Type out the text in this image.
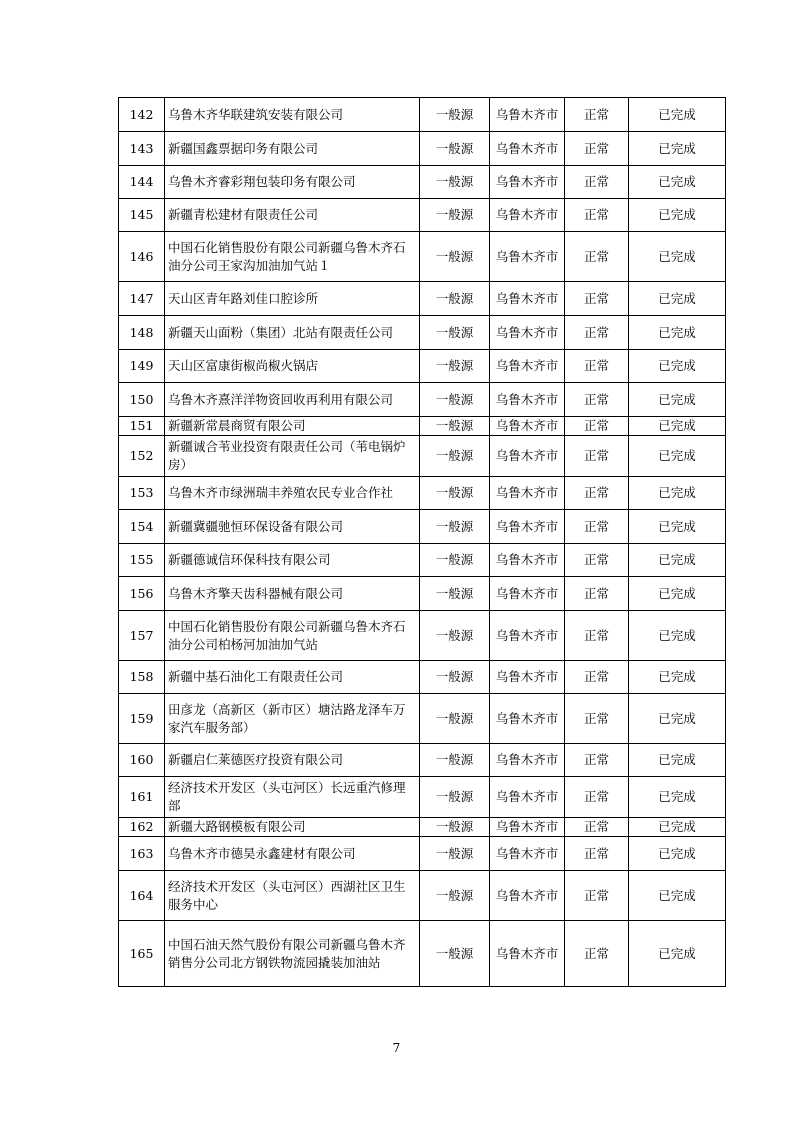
142	乌鲁木齐华联建筑安装有限公司	一般源	乌鲁木齐市	正常	已完成
143	新疆国鑫票据印务有限公司	一般源	乌鲁木齐市	正常	已完成
144	乌鲁木齐睿彩翔包装印务有限公司	一般源	乌鲁木齐市	正常	已完成
145	新疆青松建材有限责任公司	一般源	乌鲁木齐市	正常	已完成
146	中国石化销售股份有限公司新疆乌鲁木齐石油分公司王家沟加油加气站１	一般源	乌鲁木齐市	正常	已完成
147	天山区青年路刘佳口腔诊所	一般源	乌鲁木齐市	正常	已完成
148	新疆天山面粉（集团）北站有限责任公司	一般源	乌鲁木齐市	正常	已完成
149	天山区富康街椒尚椒火锅店	一般源	乌鲁木齐市	正常	已完成
150	乌鲁木齐熹洋洋物资回收再利用有限公司	一般源	乌鲁木齐市	正常	已完成
151	新疆新常晨商贸有限公司	一般源	乌鲁木齐市	正常	已完成
152	新疆诚合苇业投资有限责任公司（苇电锅炉房）	一般源	乌鲁木齐市	正常	已完成
153	乌鲁木齐市绿洲瑞丰养殖农民专业合作社	一般源	乌鲁木齐市	正常	已完成
154	新疆冀疆驰恒环保设备有限公司	一般源	乌鲁木齐市	正常	已完成
155	新疆德诚信环保科技有限公司	一般源	乌鲁木齐市	正常	已完成
156	乌鲁木齐擎天齿科器械有限公司	一般源	乌鲁木齐市	正常	已完成
157	中国石化销售股份有限公司新疆乌鲁木齐石油分公司柏杨河加油加气站	一般源	乌鲁木齐市	正常	已完成
158	新疆中基石油化工有限责任公司	一般源	乌鲁木齐市	正常	已完成
159	田彦龙（高新区（新市区）塘沽路龙泽车万家汽车服务部）	一般源	乌鲁木齐市	正常	已完成
160	新疆启仁莱德医疗投资有限公司	一般源	乌鲁木齐市	正常	已完成
161	经济技术开发区（头屯河区）长远重汽修理部	一般源	乌鲁木齐市	正常	已完成
162	新疆大路钢模板有限公司	一般源	乌鲁木齐市	正常	已完成
163	乌鲁木齐市德昊永鑫建材有限公司	一般源	乌鲁木齐市	正常	已完成
164	经济技术开发区（头屯河区）西湖社区卫生服务中心	一般源	乌鲁木齐市	正常	已完成
165	中国石油天然气股份有限公司新疆乌鲁木齐销售分公司北方钢铁物流园撬装加油站	一般源	乌鲁木齐市	正常	已完成
7
